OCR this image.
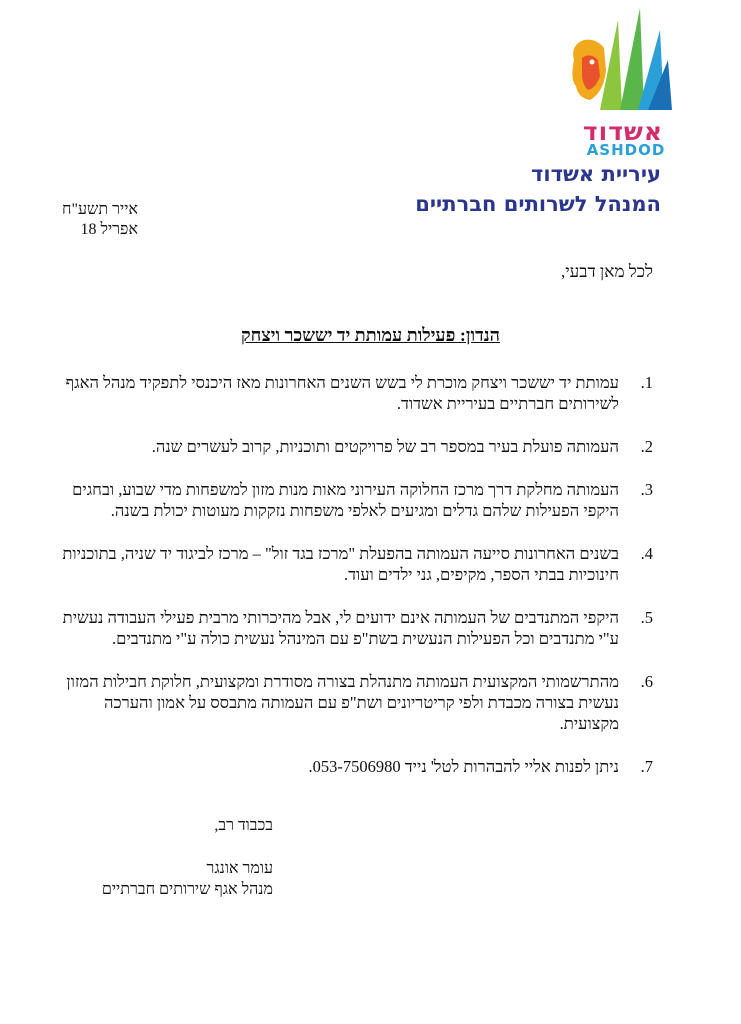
אשדוד
ASHDOD
עיריית אשדוד
המנהל לשרותים חברתיים
אייר תשע"ח
אפריל 18
לכל מאן דבעי,
הנדון: פעילות עמותת יד יששכר ויצחק
1.
עמותת יד יששכר ויצחק מוכרת לי בשש השנים האחרונות מאז היכנסי לתפקיד מנהל האגף לשירותים חברתיים בעיריית אשדוד.
2.
העמותה פועלת בעיר במספר רב של פרויקטים ותוכניות, קרוב לעשרים שנה.
3.
העמותה מחלקת דרך מרכז החלוקה העירוני מאות מנות מזון למשפחות מדי שבוע, ובחגים היקפי הפעילות שלהם גדלים ומגיעים לאלפי משפחות נזקקות מעוטות יכולת בשנה.
4.
בשנים האחרונות סייעה העמותה בהפעלת "מרכז בגד זול" – מרכז לביגוד יד שניה, בתוכניות חינוכיות בבתי הספר, מקיפים, גני ילדים ועוד.
5.
היקפי המתנדבים של העמותה אינם ידועים לי, אבל מהיכרותי מרבית פעילי העבודה נעשית ע"י מתנדבים וכל הפעילות הנעשית בשת"פ עם המינהל נעשית כולה ע"י מתנדבים.
6.
מהתרשמותי המקצועית העמותה מתנהלת בצורה מסודרת ומקצועית, חלוקת חבילות המזון נעשית בצורה מכבדת ולפי קריטריונים ושת"פ עם העמותה מתבסס על אמון והערכה מקצועית.
7.
ניתן לפנות אליי להבהרות לטל' נייד 053-7506980.
בכבוד רב,
עומר אונגר
מנהל אגף שירותים חברתיים
